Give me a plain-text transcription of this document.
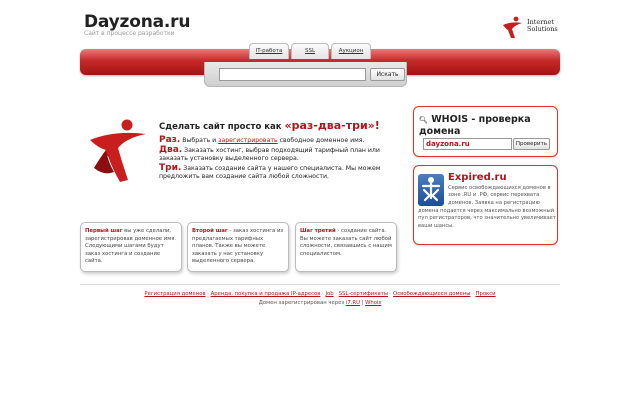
Dayzona.ru
Сайт в процессе разработки
Internet
Solutions
IT-работа	SSL	Аукцион
Искать
Сделать сайт просто как «раз-два-три»!

Раз. Выбрать и зарегистрировать свободное доменное имя.

Два. Заказать хостинг, выбрав подходящий тарифный план или заказать установку выделенного сервера.

Три. Заказать создание сайта у нашего специалиста. Мы можем предложить вам создание сайта любой сложности.

🔍︎ WHOIS - проверка домена
dayzona.ru	Проверить
Expired.ru
Сервис освобождающихся доменов в зоне .RU и .РФ, сервис перехвата доменов. Заявка на регистрацию
домена подается через максимально возможный пул регистраторов, что значительно увеличивает ваши шансы.
Первый шаг вы уже сделали, зарегистрировав доменное имя. Следующими шагами будут заказ хостинга и создание сайта.
Второй шаг - заказ хостинга из предлагаемых тарифных планов. Также вы можете заказать у нас установку выделенного сервера.
Шаг третий - создание сайта. Вы можете заказать сайт любой сложности, связавшись с нашим специалистом.
Регистрация доменов · Аренда, покупка и продажа IP-адресов · Job · SSL-сертификаты · Освобождающиеся домены · Прокси
Домен зарегистрирован через i7.RU | Whois
